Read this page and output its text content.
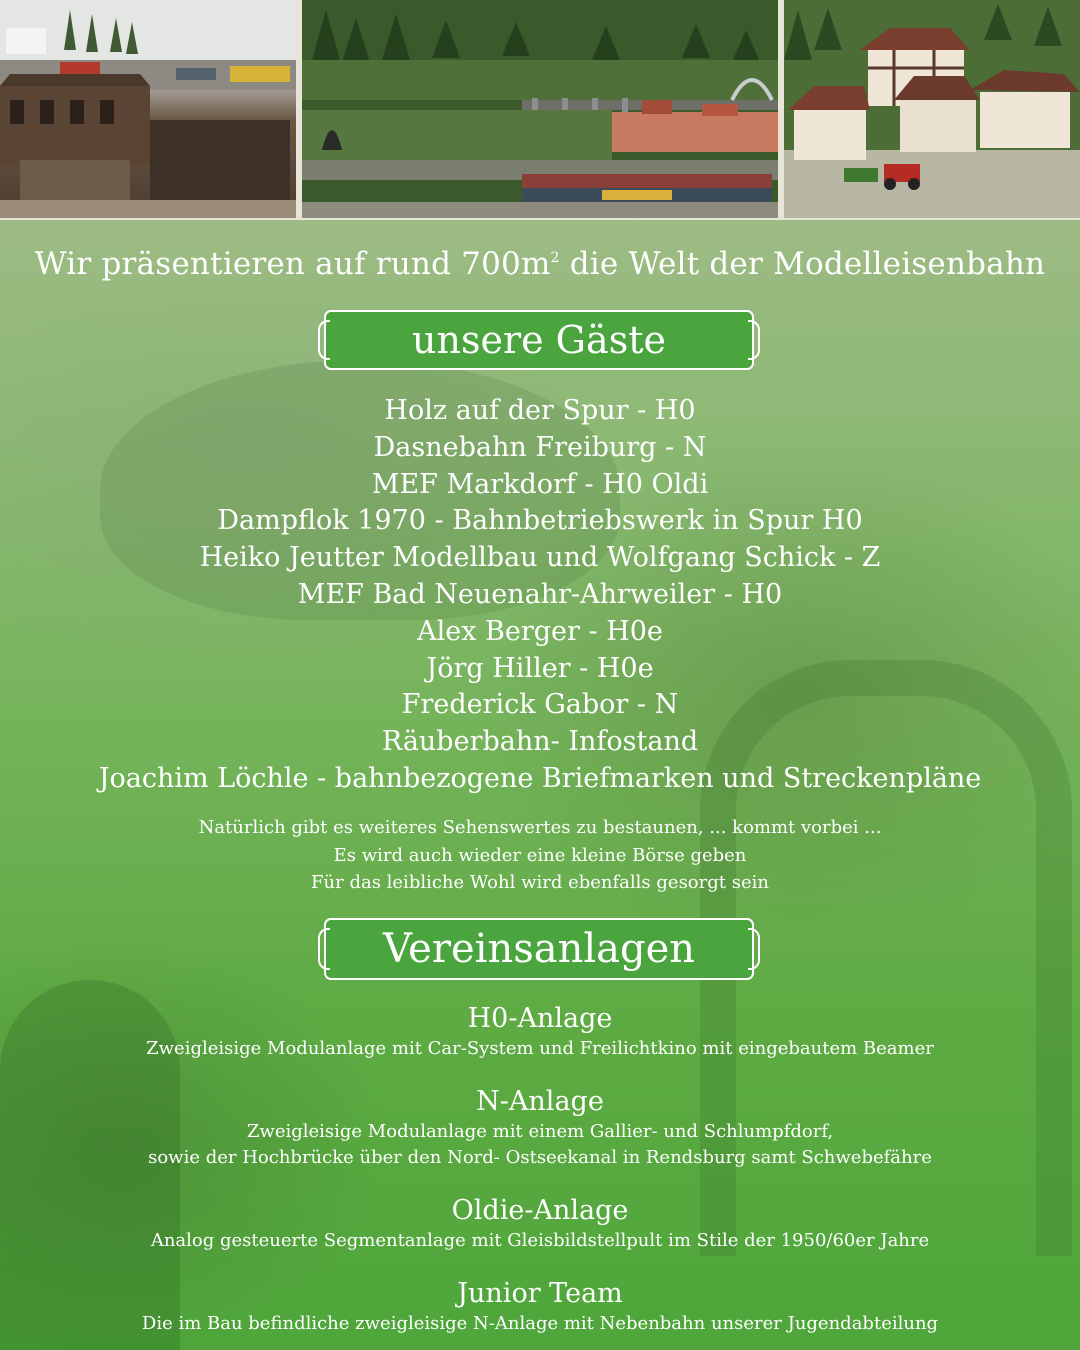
Wir präsentieren auf rund $700m^2$ die Welt der Modelleisenbahn
unsere Gäste
Holz auf der Spur - H0
Dasnebahn Freiburg - N
MEF Markdorf - H0 Oldi
Dampflok 1970 - Bahnbetriebswerk in Spur H0
Heiko Jeutter Modellbau und Wolfgang Schick - Z
MEF Bad Neuenahr-Ahrweiler - H0
Alex Berger - H0e
Jörg Hiller - H0e
Frederick Gabor - N
Räuberbahn- Infostand
Joachim Löchle - bahnbezogene Briefmarken und Streckenpläne
Natürlich gibt es weiteres Sehenswertes zu bestaunen, ... kommt vorbei ...
Es wird auch wieder eine kleine Börse geben
Für das leibliche Wohl wird ebenfalls gesorgt sein
Vereinsanlagen
H0-Anlage
Zweigleisige Modulanlage mit Car-System und Freilichtkino mit eingebautem Beamer
N-Anlage
Zweigleisige Modulanlage mit einem Gallier- und Schlumpfdorf,
sowie der Hochbrücke über den Nord- Ostseekanal in Rendsburg samt Schwebefähre
Oldie-Anlage
Analog gesteuerte Segmentanlage mit Gleisbildstellpult im Stile der 1950/60er Jahre
Junior Team
Die im Bau befindliche zweigleisige N-Anlage mit Nebenbahn unserer Jugendabteilung
